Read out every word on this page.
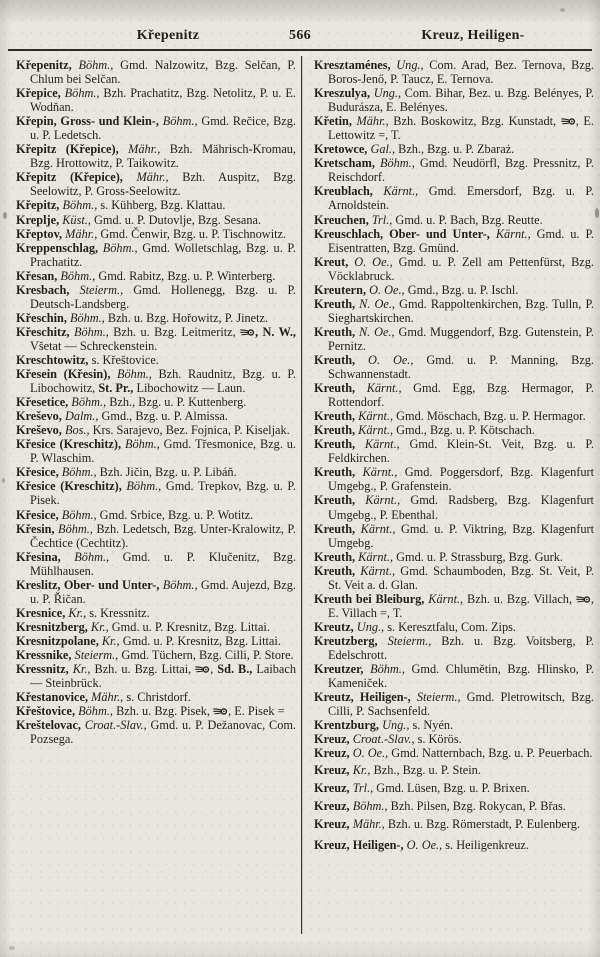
Křepenitz	566	Kreuz, Heiligen-

Křepenitz, Böhm., Gmd. Nalzowitz, Bzg. Selčan, P. Chlum bei Selčan.

Křepice, Böhm., Bzh. Prachatitz, Bzg. Netolitz, P. u. E. Wodňan.

Křepin, Gross- und Klein-, Böhm., Gmd. Rečice, Bzg. u. P. Ledetsch.

Křepitz (Křepice), Mähr., Bzh. Mährisch-Kromau, Bzg. Hrottowitz, P. Taikowitz.

Křepitz (Křepice), Mähr., Bzh. Auspitz, Bzg. Seelowitz, P. Gross-Seelowitz.

Křepitz, Böhm., s. Kühberg, Bzg. Klattau.

Kreplje, Küst., Gmd. u. P. Dutovlje, Bzg. Sesana.

Křeptov, Mähr., Gmd. Čenwir, Bzg. u. P. Tischnowitz.

Kreppenschlag, Böhm., Gmd. Wolletschlag, Bzg. u. P. Prachatitz.

Křesan, Böhm., Gmd. Rabitz, Bzg. u. P. Winterberg.

Kresbach, Steierm., Gmd. Hollenegg, Bzg. u. P. Deutsch-Landsberg.

Křeschin, Böhm., Bzh. u. Bzg. Hořowitz, P. Jinetz.

Křeschitz, Böhm., Bzh. u. Bzg. Leitmeritz, , N. W., Všetat — Schreckenstein.

Kreschtowitz, s. Křeštovice.

Křesein (Křesin), Böhm., Bzh. Raudnitz, Bzg. u. P. Libochowitz, St. Pr., Libochowitz — Laun.

Křesetice, Böhm., Bzh., Bzg. u. P. Kuttenberg.

Kreševo, Dalm., Gmd., Bzg. u. P. Almissa.

Kreševo, Bos., Krs. Sarajevo, Bez. Fojnica, P. Kiseljak.

Křesice (Kreschitz), Böhm., Gmd. Třesmonice, Bzg. u. P. Wlaschim.

Křesice, Böhm., Bzh. Jičin, Bzg. u. P. Libáň.

Křesice (Kreschitz), Böhm., Gmd. Trepkov, Bzg. u. P. Pisek.

Křesice, Böhm., Gmd. Srbice, Bzg. u. P. Wotitz.

Křesin, Böhm., Bzh. Ledetsch, Bzg. Unter-Kralowitz, P. Čechtice (Cechtitz).

Křesina, Böhm., Gmd. u. P. Klučenitz, Bzg. Mühlhausen.

Kreslitz, Ober- und Unter-, Böhm., Gmd. Aujezd, Bzg. u. P. Řičan.

Kresnice, Kr., s. Kressnitz.

Kresnitzberg, Kr., Gmd. u. P. Kresnitz, Bzg. Littai.

Kresnitzpolane, Kr., Gmd. u. P. Kresnitz, Bzg. Littai.

Kressnike, Steierm., Gmd. Tüchern, Bzg. Cilli, P. Store.

Kressnitz, Kr., Bzh. u. Bzg. Littai, , Sd. B., Laibach — Steinbrück.

Křestanovice, Mähr., s. Christdorf.

Křeštovice, Böhm., Bzh. u. Bzg. Pisek, , E. Pisek =

Kreštelovac, Croat.-Slav., Gmd. u. P. Dežanovac, Com. Pozsega.

Kresztaménes, Ung., Com. Arad, Bez. Ternova, Bzg. Boros-Jenő, P. Taucz, E. Ternova.

Kreszulya, Ung., Com. Bihar, Bez. u. Bzg. Belényes, P. Budurásza, E. Belényes.

Křetin, Mähr., Bzh. Boskowitz, Bzg. Kunstadt, , E. Lettowitz =, T.

Kretowce, Gal., Bzh., Bzg. u. P. Zbaraż.

Kretscham, Böhm., Gmd. Neudörfl, Bzg. Pressnitz, P. Reischdorf.

Kreublach, Kärnt., Gmd. Emersdorf, Bzg. u. P. Arnoldstein.

Kreuchen, Trl., Gmd. u. P. Bach, Bzg. Reutte.

Kreuschlach, Ober- und Unter-, Kärnt., Gmd. u. P. Eisentratten, Bzg. Gmünd.

Kreut, O. Oe., Gmd. u. P. Zell am Pettenfürst, Bzg. Vöcklabruck.

Kreutern, O. Oe., Gmd., Bzg. u. P. Ischl.

Kreuth, N. Oe., Gmd. Rappoltenkirchen, Bzg. Tulln, P. Sieghartskirchen.

Kreuth, N. Oe., Gmd. Muggendorf, Bzg. Gutenstein, P. Pernitz.

Kreuth, O. Oe., Gmd. u. P. Manning, Bzg. Schwannenstadt.

Kreuth, Kärnt., Gmd. Egg, Bzg. Hermagor, P. Rottendorf.

Kreuth, Kärnt., Gmd. Möschach, Bzg. u. P. Hermagor.

Kreuth, Kärnt., Gmd., Bzg. u. P. Kötschach.

Kreuth, Kärnt., Gmd. Klein-St. Veit, Bzg. u. P. Feldkirchen.

Kreuth, Kärnt., Gmd. Poggersdorf, Bzg. Klagenfurt Umgebg., P. Grafenstein.

Kreuth, Kärnt., Gmd. Radsberg, Bzg. Klagenfurt Umgebg., P. Ebenthal.

Kreuth, Kärnt., Gmd. u. P. Viktring, Bzg. Klagenfurt Umgebg.

Kreuth, Kärnt., Gmd. u. P. Strassburg, Bzg. Gurk.

Kreuth, Kärnt., Gmd. Schaumboden, Bzg. St. Veit, P. St. Veit a. d. Glan.

Kreuth bei Bleiburg, Kärnt., Bzh. u. Bzg. Villach, , E. Villach =, T.

Kreutz, Ung., s. Keresztfalu, Com. Zips.

Kreutzberg, Steierm., Bzh. u. Bzg. Voitsberg, P. Edelschrott.

Kreutzer, Böhm., Gmd. Chlumětin, Bzg. Hlinsko, P. Kameniček.

Kreutz, Heiligen-, Steierm., Gmd. Pletrowitsch, Bzg. Cilli, P. Sachsenfeld.

Krentzburg, Ung., s. Nyén.

Kreuz, Croat.-Slav., s. Körös.

Kreuz, O. Oe., Gmd. Natternbach, Bzg. u. P. Peuerbach.

Kreuz, Kr., Bzh., Bzg. u. P. Stein.

Kreuz, Trl., Gmd. Lüsen, Bzg. u. P. Brixen.

Kreuz, Böhm., Bzh. Pilsen, Bzg. Rokycan, P. Břas.

Kreuz, Mähr., Bzh. u. Bzg. Römerstadt, P. Eulenberg.

Kreuz, Heiligen-, O. Oe., s. Heiligenkreuz.
